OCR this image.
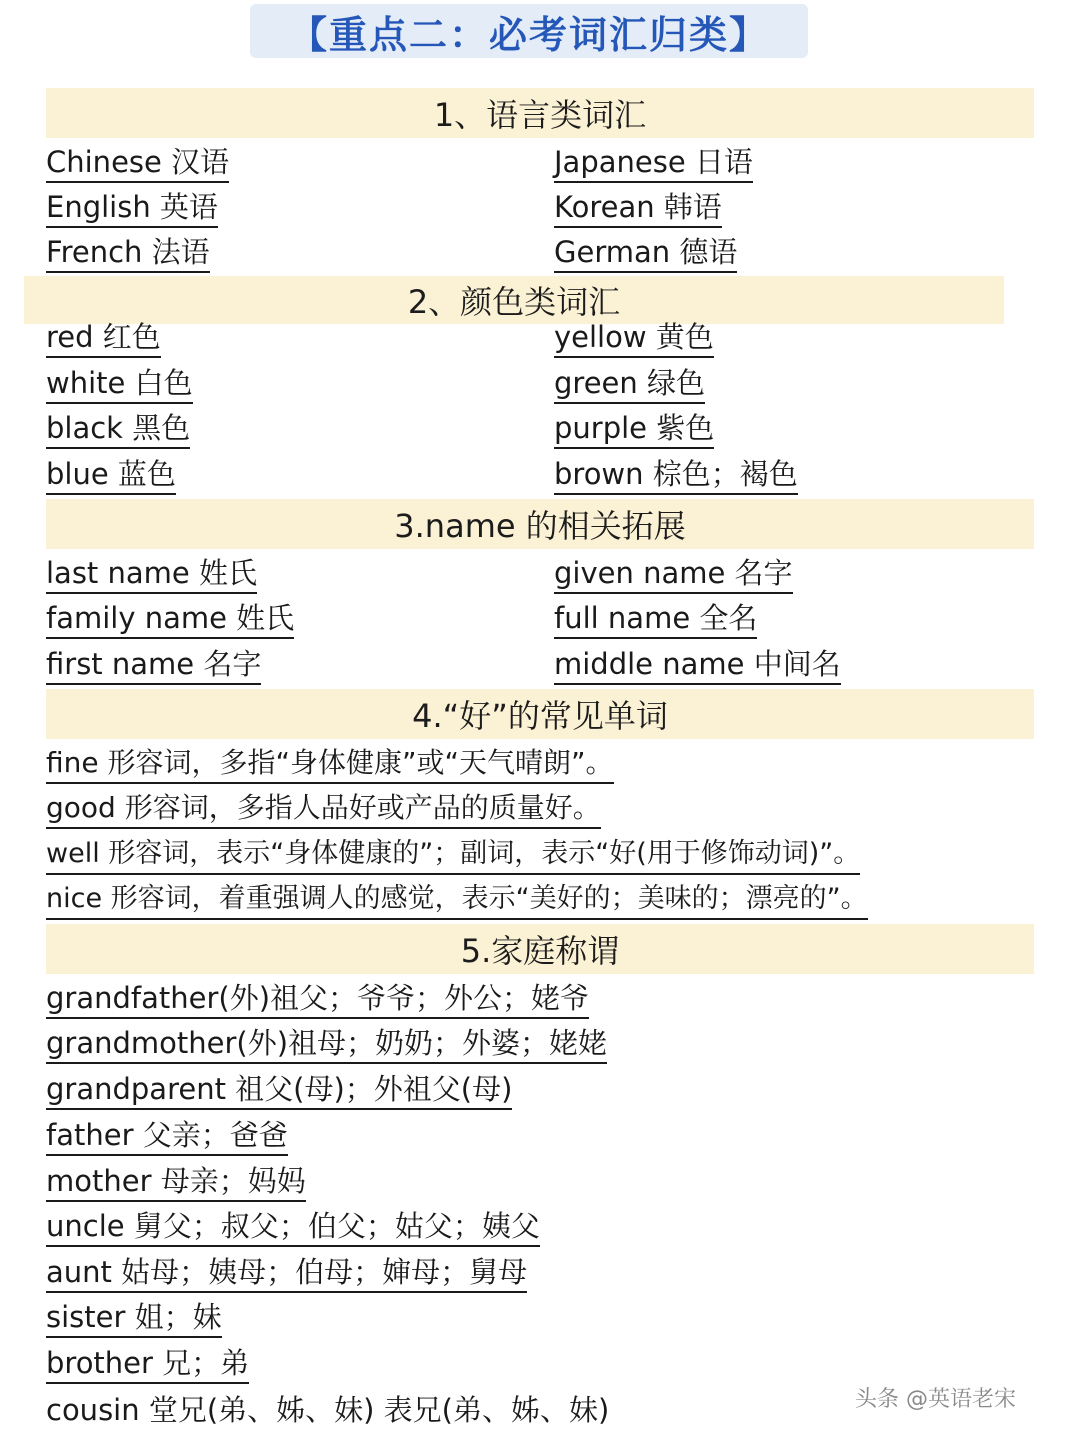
【重点二：必考词汇归类】
1、语言类词汇
Chinese 汉语
English 英语
French 法语
Japanese 日语
Korean 韩语
German 德语
2、颜色类词汇
red 红色
white 白色
black 黑色
blue 蓝色
yellow 黄色
green 绿色
purple 紫色
brown 棕色；褐色
3.name 的相关拓展
last name 姓氏
family name 姓氏
first name 名字
given name 名字
full name 全名
middle name 中间名
4.“好”的常见单词
fine 形容词，多指“身体健康”或“天气晴朗”。
good 形容词，多指人品好或产品的质量好。
well 形容词，表示“身体健康的”；副词，表示“好(用于修饰动词)”。
nice 形容词，着重强调人的感觉，表示“美好的；美味的；漂亮的”。
5.家庭称谓
grandfather(外)祖父；爷爷；外公；姥爷
grandmother(外)祖母；奶奶；外婆；姥姥
grandparent 祖父(母)；外祖父(母)
father 父亲；爸爸
mother 母亲；妈妈
uncle 舅父；叔父；伯父；姑父；姨父
aunt 姑母；姨母；伯母；婶母；舅母
sister 姐；妹
brother 兄；弟
cousin 堂兄(弟、姊、妹) 表兄(弟、姊、妹)	头条 @英语老宋
